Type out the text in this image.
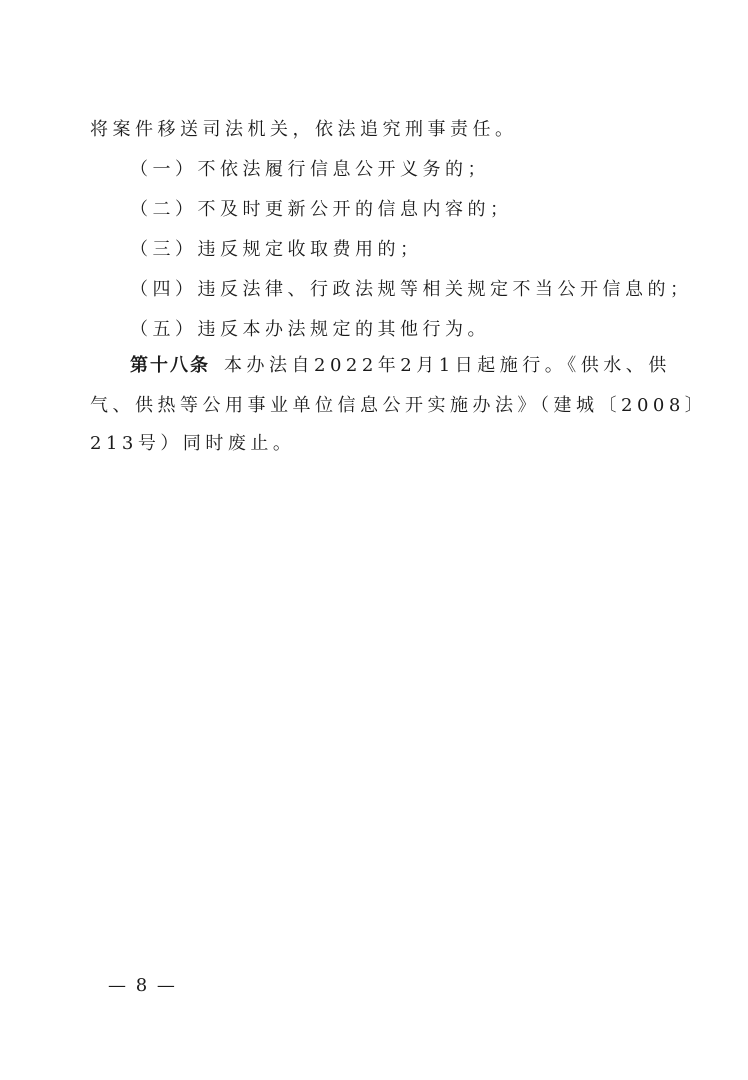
将案件移送司法机关，依法追究刑事责任。
（一）不依法履行信息公开义务的；
（二）不及时更新公开的信息内容的；
（三）违反规定收取费用的；
（四）违反法律、行政法规等相关规定不当公开信息的；
（五）违反本办法规定的其他行为。
第十八条 本办法自2022年2月1日起施行。《供水、供
气、供热等公用事业单位信息公开实施办法》（建城〔2008〕
213号）同时废止。
— 8 —
